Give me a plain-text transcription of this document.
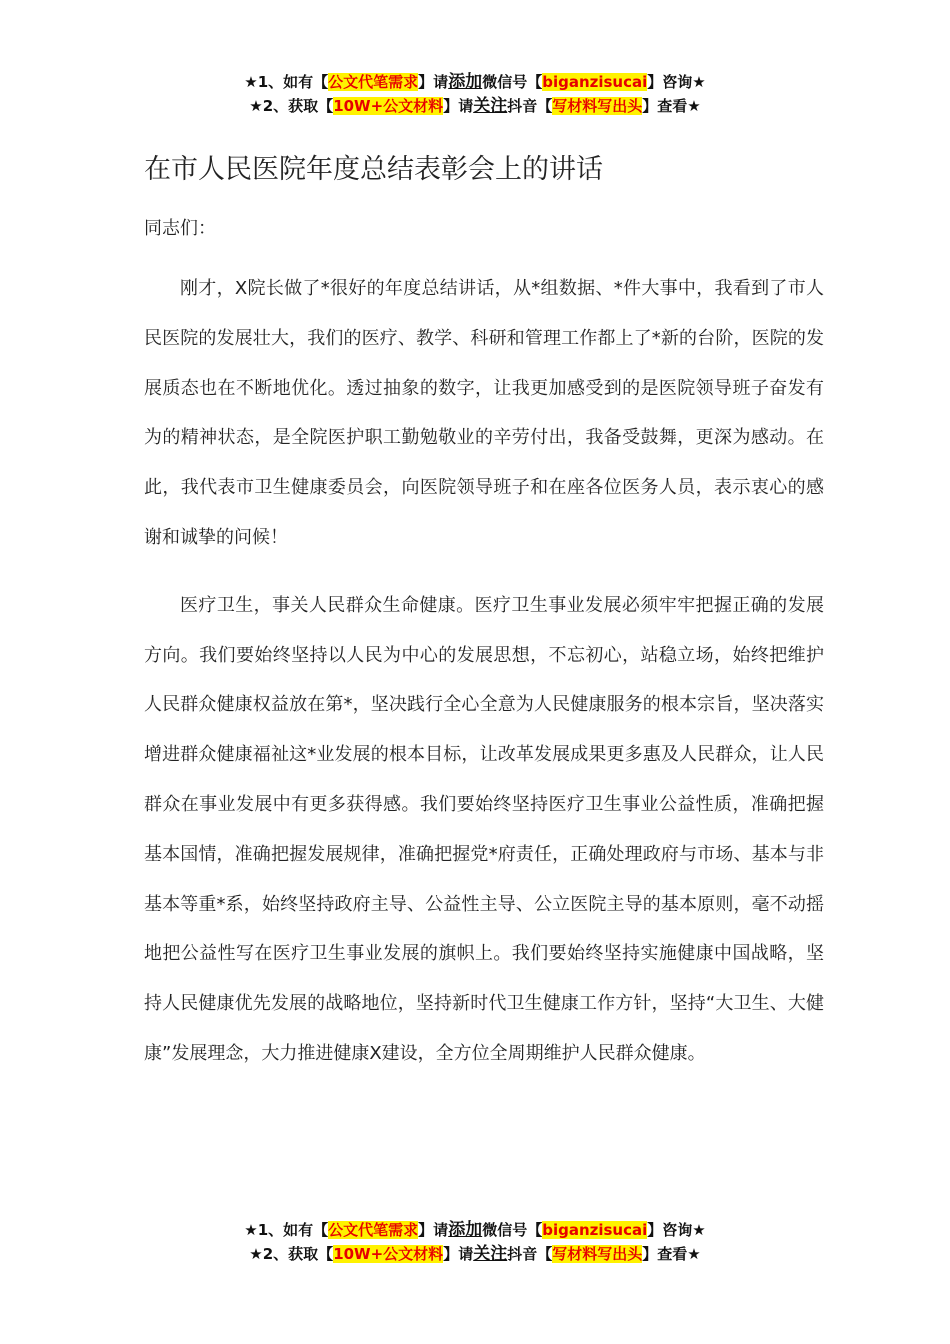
★1、如有【公文代笔需求】请添加微信号【biganzisucai】咨询★
★2、获取【10W+公文材料】请关注抖音【写材料写出头】查看★
在市人民医院年度总结表彰会上的讲话
同志们：

刚才，X院长做了*很好的年度总结讲话，从*组数据、*件大事中，我看到了市人民医院的发展壮大，我们的医疗、教学、科研和管理工作都上了*新的台阶，医院的发展质态也在不断地优化。透过抽象的数字，让我更加感受到的是医院领导班子奋发有为的精神状态，是全院医护职工勤勉敬业的辛劳付出，我备受鼓舞，更深为感动。在此，我代表市卫生健康委员会，向医院领导班子和在座各位医务人员，表示衷心的感谢和诚挚的问候！

医疗卫生，事关人民群众生命健康。医疗卫生事业发展必须牢牢把握正确的发展方向。我们要始终坚持以人民为中心的发展思想，不忘初心，站稳立场，始终把维护人民群众健康权益放在第*，坚决践行全心全意为人民健康服务的根本宗旨，坚决落实增进群众健康福祉这*业发展的根本目标，让改革发展成果更多惠及人民群众，让人民群众在事业发展中有更多获得感。我们要始终坚持医疗卫生事业公益性质，准确把握基本国情，准确把握发展规律，准确把握党*府责任，正确处理政府与市场、基本与非基本等重*系，始终坚持政府主导、公益性主导、公立医院主导的基本原则，毫不动摇地把公益性写在医疗卫生事业发展的旗帜上。我们要始终坚持实施健康中国战略，坚持人民健康优先发展的战略地位，坚持新时代卫生健康工作方针，坚持“大卫生、大健康”发展理念，大力推进健康X建设，全方位全周期维护人民群众健康。

★1、如有【公文代笔需求】请添加微信号【biganzisucai】咨询★
★2、获取【10W+公文材料】请关注抖音【写材料写出头】查看★
